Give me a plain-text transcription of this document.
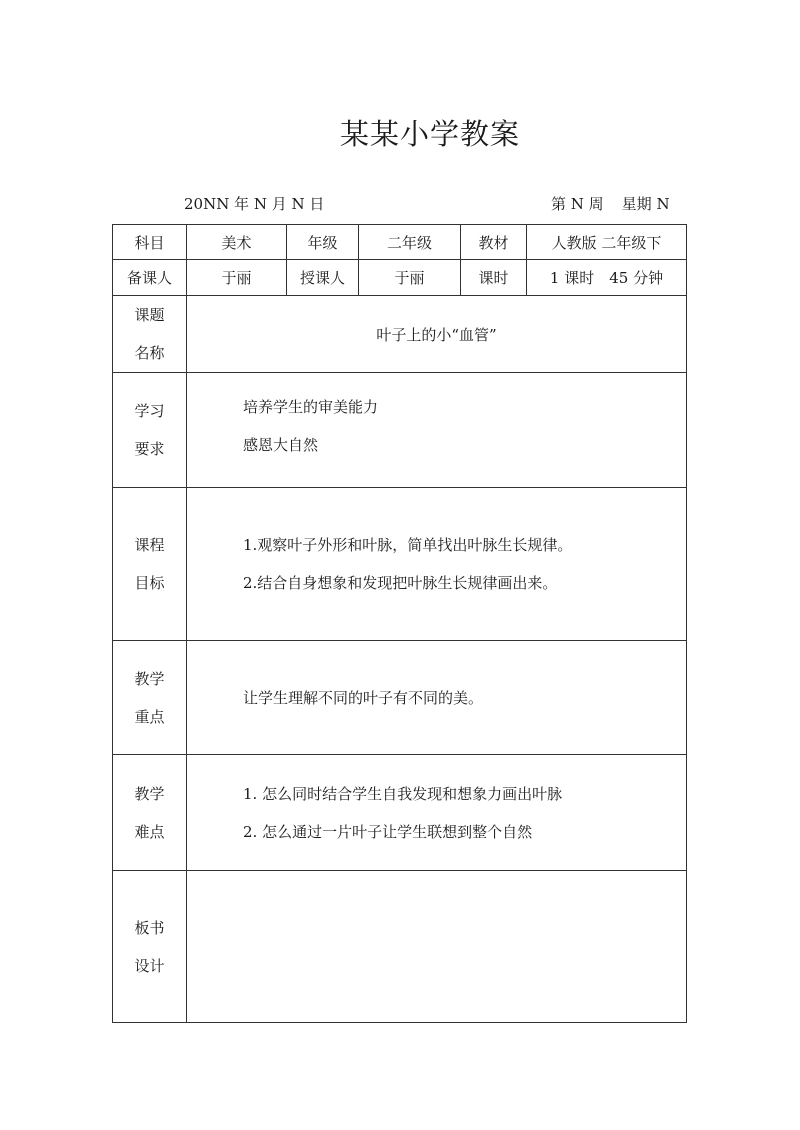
某某小学教案
20NN 年 N 月 N 日	第 N 周 星期 N
科目	美术	年级	二年级	教材	人教版 二年级下
备课人	于丽	授课人	于丽	课时	1 课时　45 分钟

课题
名称	叶子上的小“血管”				

学习
要求	培养学生的审美能力
感恩大自然				

课程
目标	1.观察叶子外形和叶脉，简单找出叶脉生长规律。
2.结合自身想象和发现把叶脉生长规律画出来。				

教学
重点	让学生理解不同的叶子有不同的美。				

教学
难点	1. 怎么同时结合学生自我发现和想象力画出叶脉
2. 怎么通过一片叶子让学生联想到整个自然				

板书
设计					
